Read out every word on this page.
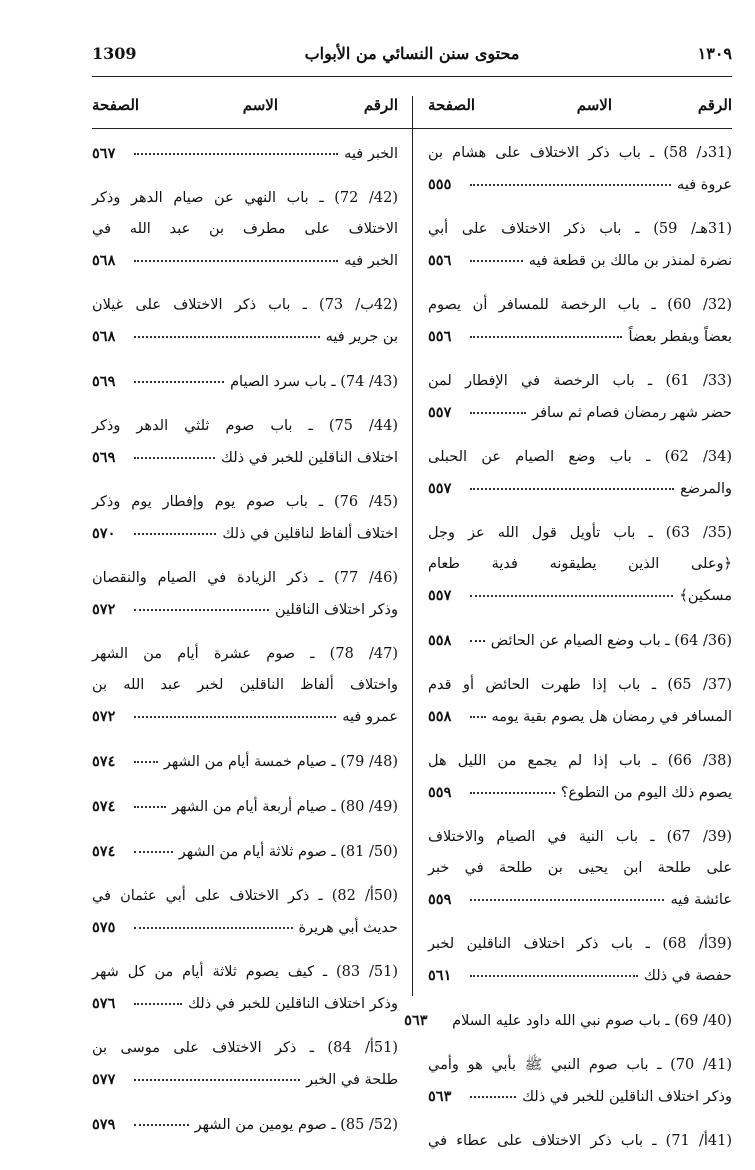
1309	محتوى سنن النسائي من الأبواب	١٣٠٩
الرقم
الاسم
الصفحة
الرقم
الاسم
الصفحة
(31د/ 58) ـ باب ذكر الاختلاف على هشام بن
عروة فيه
٥٥٥
(31هـ/ 59) ـ باب ذكر الاختلاف على أبي
نضرة لمنذر بن مالك بن قطعة فيه
٥٥٦
(32/ 60) ـ باب الرخصة للمسافر أن يصوم
بعضاً ويفطر بعضاً
٥٥٦
(33/ 61) ـ باب الرخصة في الإفطار لمن
حضر شهر رمضان فصام ثم سافر
٥٥٧
(34/ 62) ـ باب وضع الصيام عن الحبلى
والمرضع
٥٥٧
(35/ 63) ـ باب تأويل قول الله عز وجل
﴿وعلى الذين يطيقونه فدية طعام
مسكين﴾
٥٥٧
(36/ 64) ـ باب وضع الصيام عن الحائض
٥٥٨
(37/ 65) ـ باب إذا طهرت الحائض أو قدم
المسافر في رمضان هل يصوم بقية يومه
٥٥٨
(38/ 66) ـ باب إذا لم يجمع من الليل هل
يصوم ذلك اليوم من التطوع؟
٥٥٩
(39/ 67) ـ باب النية في الصيام والاختلاف
على طلحة ابن يحيى بن طلحة في خبر
عائشة فيه
٥٥٩
(39أ/ 68) ـ باب ذكر اختلاف الناقلين لخبر
حفصة في ذلك
٥٦١
(40/ 69) ـ باب صوم نبي الله داود عليه السلام
٥٦٣
(41/ 70) ـ باب صوم النبي ﷺ بأبي هو وأمي
وذكر اختلاف الناقلين للخبر في ذلك
٥٦٣
(41أ/ 71) ـ باب ذكر الاختلاف على عطاء في
الخبر فيه
٥٦٧
(42/ 72) ـ باب النهي عن صيام الدهر وذكر
الاختلاف على مطرف بن عبد الله في
الخبر فيه
٥٦٨
(42ب/ 73) ـ باب ذكر الاختلاف على غيلان
بن جرير فيه
٥٦٨
(43/ 74) ـ باب سرد الصيام
٥٦٩
(44/ 75) ـ باب صوم ثلثي الدهر وذكر
اختلاف الناقلين للخبر في ذلك
٥٦٩
(45/ 76) ـ باب صوم يوم وإفطار يوم وذكر
اختلاف ألفاظ لناقلين في ذلك
٥٧٠
(46/ 77) ـ ذكر الزيادة في الصيام والنقصان
وذكر اختلاف الناقلين
٥٧٢
(47/ 78) ـ صوم عشرة أيام من الشهر
واختلاف ألفاظ الناقلين لخبر عبد الله بن
عمرو فيه
٥٧٢
(48/ 79) ـ صيام خمسة أيام من الشهر
٥٧٤
(49/ 80) ـ صيام أربعة أيام من الشهر
٥٧٤
(50/ 81) ـ صوم ثلاثة أيام من الشهر
٥٧٤
(50أ/ 82) ـ ذكر الاختلاف على أبي عثمان في
حديث أبي هريرة
٥٧٥
(51/ 83) ـ كيف يصوم ثلاثة أيام من كل شهر
وذكر اختلاف الناقلين للخبر في ذلك
٥٧٦
(51أ/ 84) ـ ذكر الاختلاف على موسى بن
طلحة في الخبر
٥٧٧
(52/ 85) ـ صوم يومين من الشهر
٥٧٩
